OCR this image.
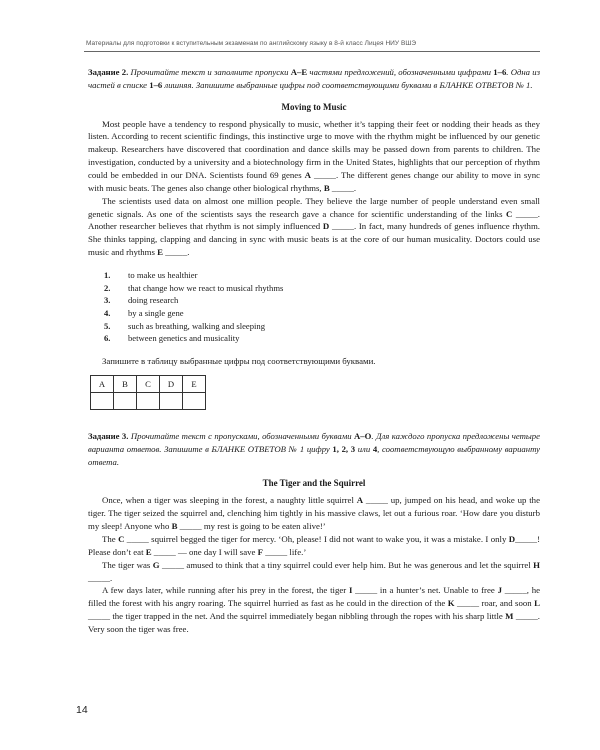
Материалы для подготовки к вступительным экзаменам по английскому языку в 8-й класс Лицея НИУ ВШЭ

Задание 2. Прочитайте текст и заполните пропуски A–E частями предложений, обозначенными цифрами 1–6. Одна из частей в списке 1–6 лишняя. Запишите выбранные цифры под соответствующими буквами в БЛАНКЕ ОТВЕТОВ № 1.

Moving to Music

Most people have a tendency to respond physically to music, whether it’s tapping their feet or nodding their heads as they listen. According to recent scientific findings, this instinctive urge to move with the rhythm might be influenced by our genetic makeup. Researchers have discovered that coordination and dance skills may be passed down from parents to children. The investigation, conducted by a university and a biotechnology firm in the United States, highlights that our perception of rhythm could be embedded in our DNA. Scientists found 69 genes A _____. The different genes change our ability to move in sync with music beats. The genes also change other biological rhythms, B _____.

The scientists used data on almost one million people. They believe the large number of people understand even small genetic signals. As one of the scientists says the research gave a chance for scientific understanding of the links C _____. Another researcher believes that rhythm is not simply influenced D _____. In fact, many hundreds of genes influence rhythm. She thinks tapping, clapping and dancing in sync with music beats is at the core of our human musicality. Doctors could use music and rhythms E _____.

1.	to make us healthier
2.	that change how we react to musical rhythms
3.	doing research
4.	by a single gene
5.	such as breathing, walking and sleeping
6.	between genetics and musicality
Запишите в таблицу выбранные цифры под соответствующими буквами.
A	B	C	D	E

Задание 3. Прочитайте текст с пропусками, обозначенными буквами A–O. Для каждого пропуска предложены четыре варианта ответов. Запишите в БЛАНКЕ ОТВЕТОВ № 1 цифру 1, 2, 3 или 4, соответствующую выбранному варианту ответа.

The Tiger and the Squirrel

Once, when a tiger was sleeping in the forest, a naughty little squirrel A _____ up, jumped on his head, and woke up the tiger. The tiger seized the squirrel and, clenching him tightly in his massive claws, let out a furious roar. ‘How dare you disturb my sleep! Anyone who B _____ my rest is going to be eaten alive!’

The C _____ squirrel begged the tiger for mercy. ‘Oh, please! I did not want to wake you, it was a mistake. I only D_____! Please don’t eat E _____ — one day I will save F _____ life.’

The tiger was G _____ amused to think that a tiny squirrel could ever help him. But he was generous and let the squirrel H _____.

A few days later, while running after his prey in the forest, the tiger I _____ in a hunter’s net. Unable to free J _____, he filled the forest with his angry roaring. The squirrel hurried as fast as he could in the direction of the K _____ roar, and soon L _____ the tiger trapped in the net. And the squirrel immediately began nibbling through the ropes with his sharp little M _____. Very soon the tiger was free.

14
